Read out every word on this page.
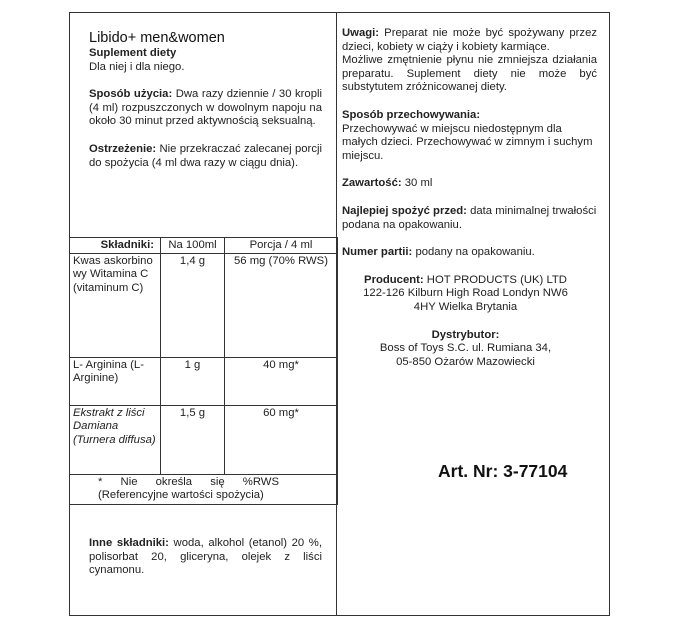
Libido+ men&women

Suplement diety

Dla niej i dla niego.

Sposób użycia: Dwa razy dziennie / 30 kropli (4 ml) rozpuszczonych w dowolnym napoju na około 30 minut przed aktywnością seksualną.

Ostrzeżenie: Nie przekraczać zalecanej porcji do spożycia (4 ml dwa razy w ciągu dnia).

Składniki:	Na 100ml	Porcja / 4 ml
Kwas askorbinowy Witamina C (vitaminum C)	1,4 g	56 mg (70% RWS)
L- Arginina (L-Arginine)	1 g	40 mg*
Ekstrakt z liści Damiana (Turnera diffusa)	1,5 g	60 mg*
* Nie określa się %RWS (Referencyjne wartości spożycia)		

Inne składniki: woda, alkohol (etanol) 20 %, polisorbat 20, gliceryna, olejek z liści cynamonu.

Uwagi: Preparat nie może być spożywany przez dzieci, kobiety w ciąży i kobiety karmiące.

Możliwe zmętnienie płynu nie zmniejsza działania preparatu. Suplement diety nie może być substytutem zróżnicowanej diety.

Sposób przechowywania:

Przechowywać w miejscu niedostępnym dla małych dzieci. Przechowywać w zimnym i suchym miejscu.

Zawartość: 30 ml

Najlepiej spożyć przed: data minimalnej trwałości podana na opakowaniu.

Numer partii: podany na opakowaniu.

Producent: HOT PRODUCTS (UK) LTD

122-126 Kilburn High Road Londyn NW6

4HY Wielka Brytania

Dystrybutor:

Boss of Toys S.C. ul. Rumiana 34,

05-850 Ożarów Mazowiecki

Art. Nr: 3-77104
